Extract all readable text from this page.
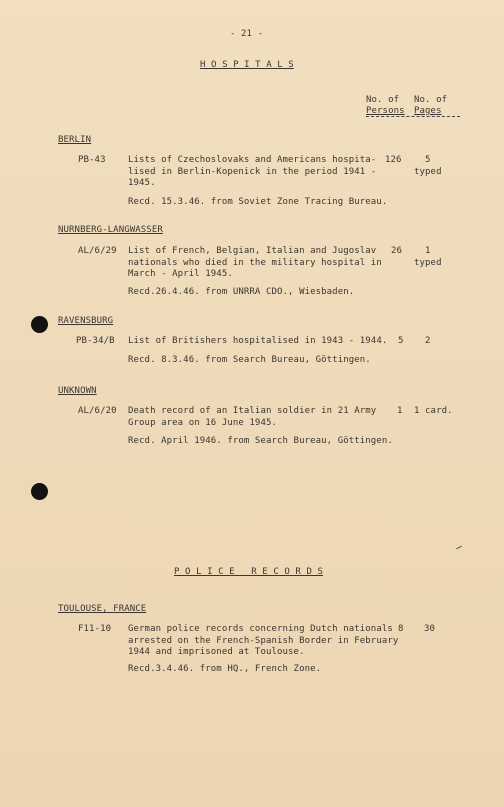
- 21 -
H O S P I T A L S
No. of
Persons
No. of
Pages
BERLIN
PB-43 Lists of Czechoslovaks and Americans hospita-
lised in Berlin-Kopenick in the period 1941 -
1945.
126	5
typed
Recd. 15.3.46. from Soviet Zone Tracing Bureau.
NURNBERG-LANGWASSER
AL/6/29 List of French, Belgian, Italian and Jugoslav
nationals who died in the military hospital in
March - April 1945.
26	1
typed
Recd.26.4.46. from UNRRA CDO., Wiesbaden.
RAVENSBURG
PB-34/B List of Britishers hospitalised in 1943 - 1944. 5 2
Recd. 8.3.46. from Search Bureau, Göttingen.
UNKNOWN
AL/6/20 Death record of an Italian soldier in 21 Army
Group area on 16 June 1945.
1 1 card.
Recd. April 1946. from Search Bureau, Göttingen.
P O L I C E   R E C O R D S
TOULOUSE, FRANCE
F11-10 German police records concerning Dutch nationals
arrested on the French-Spanish Border in February
1944 and imprisoned at Toulouse.
8 30
Recd.3.4.46. from HQ., French Zone.
